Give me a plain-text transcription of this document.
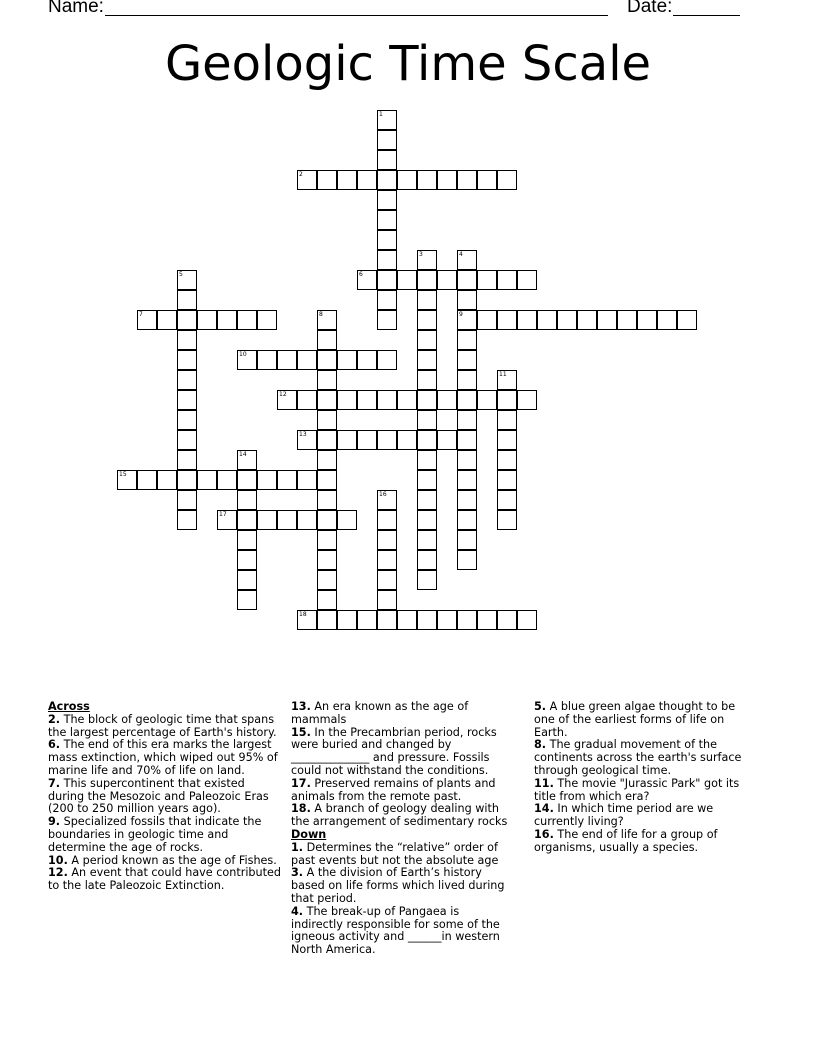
Name:	Date:
Geologic Time Scale
1
2
3	4
9
5	6
7	8
10
11
12
13
14
15
16
17
18
Across
2. The block of geologic time that spans the largest percentage of Earth's history.
6. The end of this era marks the largest mass extinction, which wiped out 95% of marine life and 70% of life on land.
7. This supercontinent that existed during the Mesozoic and Paleozoic Eras (200 to 250 million years ago).
9. Specialized fossils that indicate the boundaries in geologic time and determine the age of rocks.
10. A period known as the age of Fishes.
12. An event that could have contributed to the late Paleozoic Extinction.
13. An era known as the age of mammals
15. In the Precambrian period, rocks were buried and changed by ______________ and pressure. Fossils could not withstand the conditions.
17. Preserved remains of plants and animals from the remote past.
18. A branch of geology dealing with the arrangement of sedimentary rocks
Down
1. Determines the “relative” order of past events but not the absolute age
3. A the division of Earth’s history based on life forms which lived during that period.
4. The break-up of Pangaea is indirectly responsible for some of the igneous activity and ______in western North America.
5. A blue green algae thought to be one of the earliest forms of life on Earth.
8. The gradual movement of the continents across the earth's surface through geological time.
11. The movie "Jurassic Park" got its title from which era?
14. In which time period are we currently living?
16. The end of life for a group of organisms, usually a species.
